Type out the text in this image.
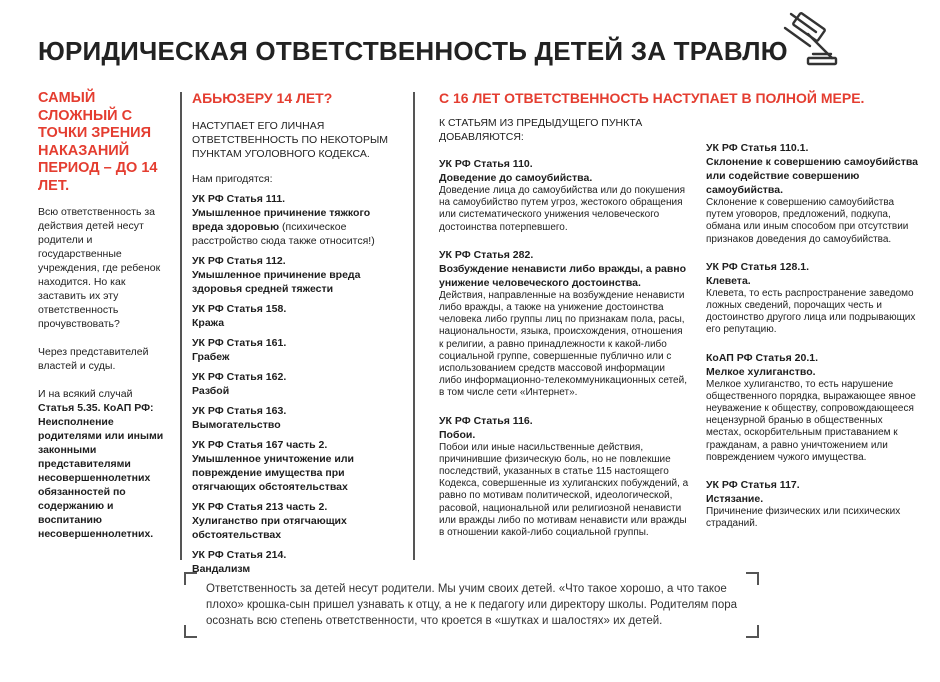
ЮРИДИЧЕСКАЯ ОТВЕТСТВЕННОСТЬ ДЕТЕЙ ЗА ТРАВЛЮ
САМЫЙ СЛОЖНЫЙ С ТОЧКИ ЗРЕНИЯ НАКАЗАНИЙ ПЕРИОД – ДО 14 ЛЕТ.

Всю ответственность за действия детей несут родители и государственные учреждения, где ребенок находится. Но как заставить их эту ответственность прочувствовать?

Через представителей властей и суды.

И на всякий случай

Статья 5.35. КоАП РФ:

Неисполнение родителями или иными законными представителями несовершеннолетних обязанностей по содержанию и воспитанию несовершеннолетних.

АБЬЮЗЕРУ 14 ЛЕТ?

НАСТУПАЕТ ЕГО ЛИЧНАЯ ОТВЕТСТВЕННОСТЬ ПО НЕКОТОРЫМ ПУНКТАМ УГОЛОВНОГО КОДЕКСА.

Нам пригодятся:

УК РФ Статья 111.
Умышленное причинение тяжкого вреда здоровью (психическое расстройство сюда также относится!)
УК РФ Статья 112.
Умышленное причинение вреда здоровья средней тяжести
УК РФ Статья 158.
Кража
УК РФ Статья 161.
Грабеж
УК РФ Статья 162.
Разбой
УК РФ Статья 163.
Вымогательство
УК РФ Статья 167 часть 2.
Умышленное уничтожение или повреждение имущества при отягчающих обстоятельствах
УК РФ Статья 213 часть 2.
Хулиганство при отягчающих обстоятельствах
УК РФ Статья 214.
Вандализм
С 16 ЛЕТ ОТВЕТСТВЕННОСТЬ НАСТУПАЕТ В ПОЛНОЙ МЕРЕ.

К СТАТЬЯМ ИЗ ПРЕДЫДУЩЕГО ПУНКТА ДОБАВЛЯЮТСЯ:

УК РФ Статья 110.
Доведение до самоубийства.
Доведение лица до самоубийства или до покушения на самоубийство путем угроз, жестокого обращения или систематического унижения человеческого достоинства потерпевшего.
УК РФ Статья 282.
Возбуждение ненависти либо вражды, а равно унижение человеческого достоинства.
Действия, направленные на возбуждение ненависти либо вражды, а также на унижение достоинства человека либо группы лиц по признакам пола, расы, национальности, языка, происхождения, отношения к религии, а равно принадлежности к какой-либо социальной группе, совершенные публично или с использованием средств массовой информации либо информационно-телекоммуникационных сетей, в том числе сети «Интернет».
УК РФ Статья 116.
Побои.
Побои или иные насильственные действия, причинившие физическую боль, но не повлекшие последствий, указанных в статье 115 настоящего Кодекса, совершенные из хулиганских побуждений, а равно по мотивам политической, идеологической, расовой, национальной или религиозной ненависти или вражды либо по мотивам ненависти или вражды в отношении какой-либо социальной группы.
УК РФ Статья 110.1.
Склонение к совершению самоубийства или содействие совершению самоубийства.
Склонение к совершению самоубийства путем уговоров, предложений, подкупа, обмана или иным способом при отсутствии признаков доведения до самоубийства.
УК РФ Статья 128.1.
Клевета.
Клевета, то есть распространение заведомо ложных сведений, порочащих честь и достоинство другого лица или подрывающих его репутацию.
КоАП РФ Статья 20.1.
Мелкое хулиганство.
Мелкое хулиганство, то есть нарушение общественного порядка, выражающее явное неуважение к обществу, сопровождающееся нецензурной бранью в общественных местах, оскорбительным приставанием к гражданам, а равно уничтожением или повреждением чужого имущества.
УК РФ Статья 117.
Истязание.
Причинение физических или психических страданий.
Ответственность за детей несут родители. Мы учим своих детей. «Что такое хорошо, а что такое плохо» крошка-сын пришел узнавать к отцу, а не к педагогу или директору школы. Родителям пора осознать всю степень ответственности, что кроется в «шутках и шалостях» их детей.
